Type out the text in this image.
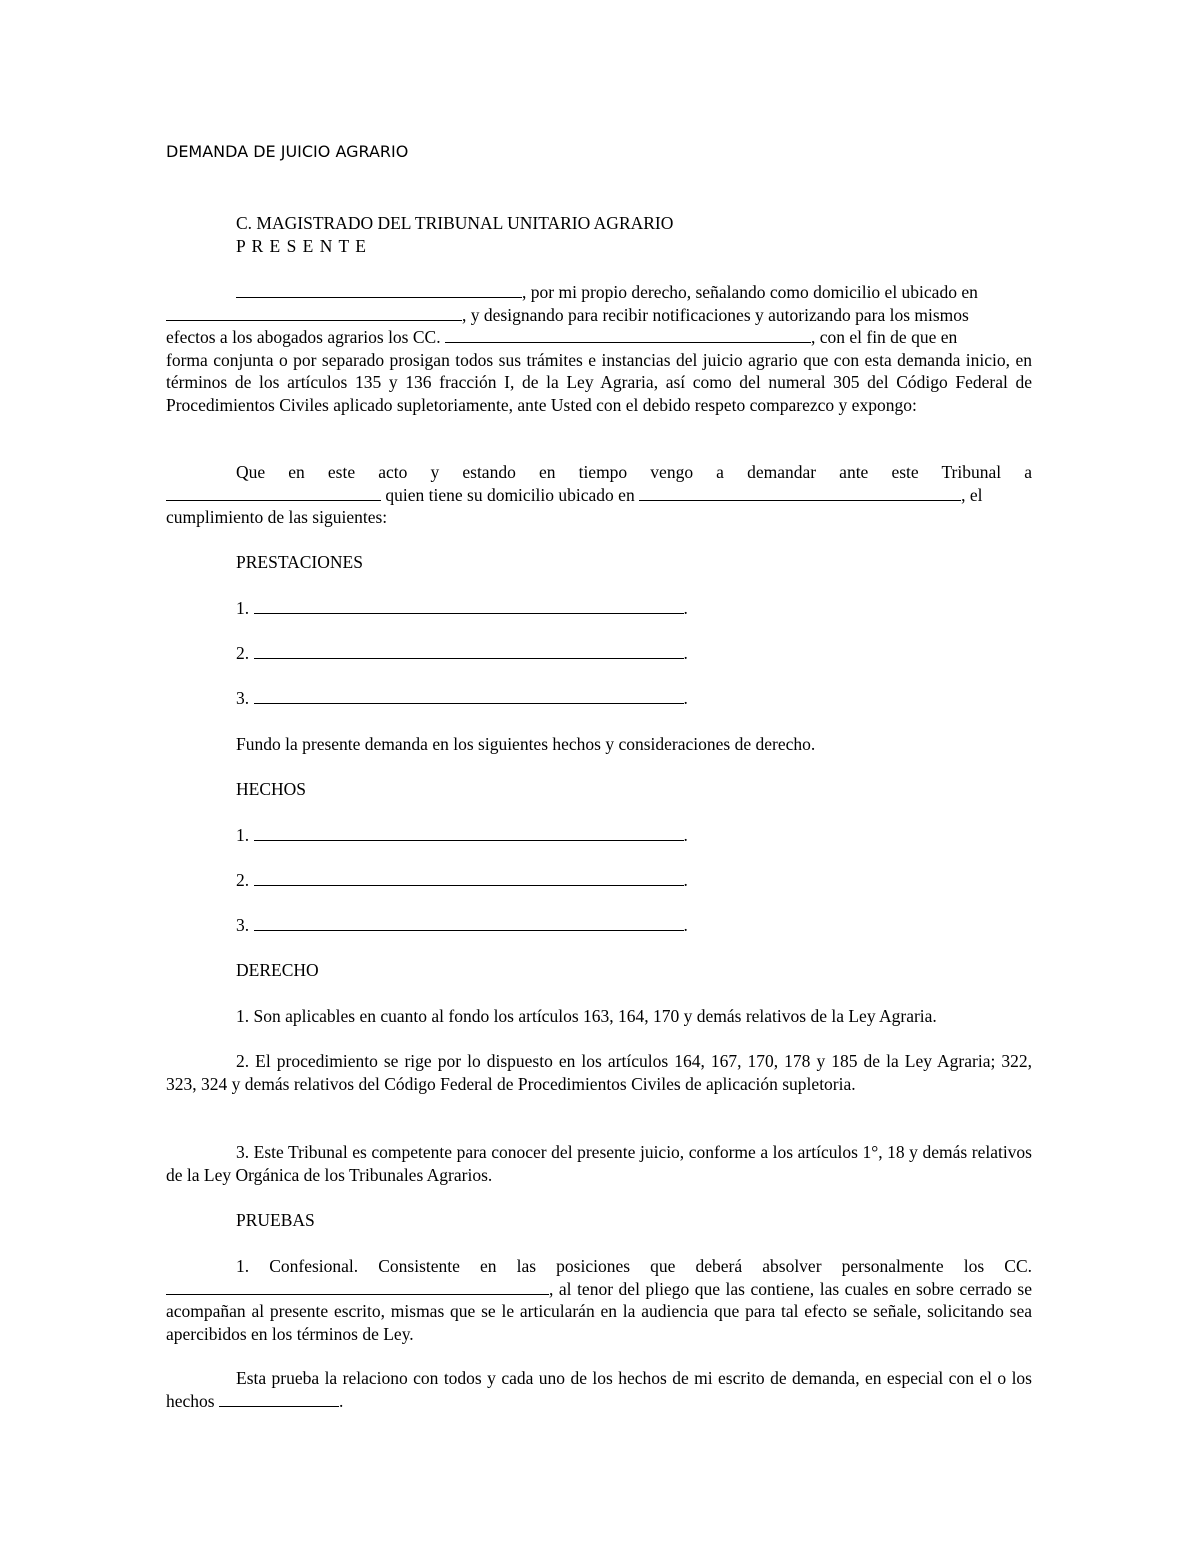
DEMANDA DE JUICIO AGRARIO
C. MAGISTRADO DEL TRIBUNAL UNITARIO AGRARIO
P R E S E N T E
, por mi propio derecho, señalando como domicilio el ubicado en
, y designando para recibir notificaciones y autorizando para los mismos
efectos a los abogados agrarios los CC.	, con el fin de que en
forma conjunta o por separado prosigan todos sus trámites e instancias del juicio agrario que con esta demanda inicio, en términos de los artículos 135 y 136 fracción I, de la Ley Agraria, así como del numeral 305 del Código Federal de Procedimientos Civiles aplicado supletoriamente, ante Usted con el debido respeto comparezco y expongo:
Que en este acto y estando en tiempo vengo a demandar ante este Tribunal a
quien tiene su domicilio ubicado en	, el
cumplimiento de las siguientes:
PRESTACIONES
1.	.
2.	.
3.	.
Fundo la presente demanda en los siguientes hechos y consideraciones de derecho.
HECHOS
1.	.
2.	.
3.	.
DERECHO

1. Son aplicables en cuanto al fondo los artículos 163, 164, 170 y demás relativos de la Ley Agraria.

2. El procedimiento se rige por lo dispuesto en los artículos 164, 167, 170, 178 y 185 de la Ley Agraria; 322, 323, 324 y demás relativos del Código Federal de Procedimientos Civiles de aplicación supletoria.

3. Este Tribunal es competente para conocer del presente juicio, conforme a los artículos 1°, 18 y demás relativos de la Ley Orgánica de los Tribunales Agrarios.

PRUEBAS
1. Confesional. Consistente en las posiciones que deberá absolver personalmente los CC.
, al tenor del pliego que las contiene, las cuales en sobre cerrado se acompañan al presente escrito, mismas que se le articularán en la audiencia que para tal efecto se señale, solicitando sea apercibidos en los términos de Ley.

Esta prueba la relaciono con todos y cada uno de los hechos de mi escrito de demanda, en especial con el o los hechos	.
